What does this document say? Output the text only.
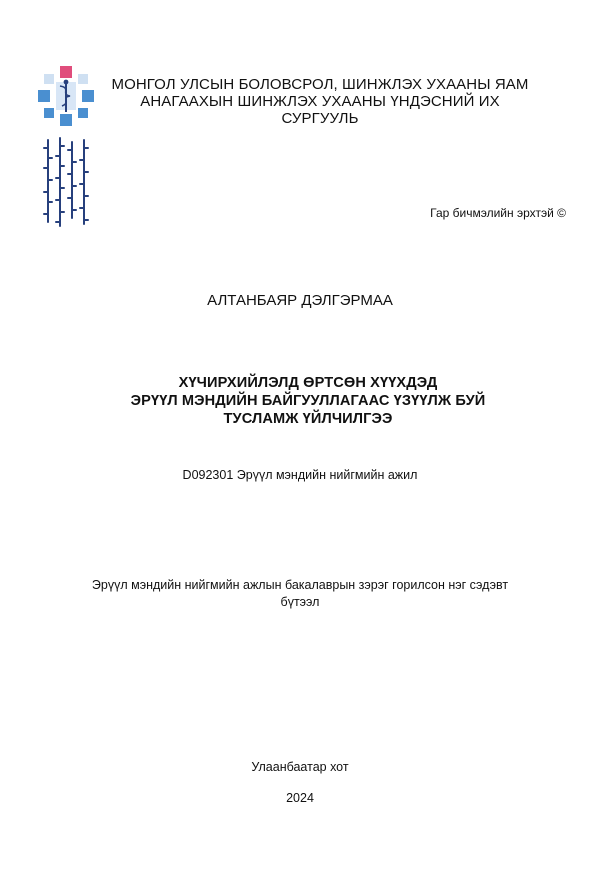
МОНГОЛ УЛСЫН БОЛОВСРОЛ, ШИНЖЛЭХ УХААНЫ ЯАМ
АНАГААХЫН ШИНЖЛЭХ УХААНЫ ҮНДЭСНИЙ ИХ СУРГУУЛЬ
Гар бичмэлийн эрхтэй ©
АЛТАНБАЯР ДЭЛГЭРМАА
ХҮЧИРХИЙЛЭЛД ӨРТСӨН ХҮҮХДЭД
ЭРҮҮЛ МЭНДИЙН БАЙГУУЛЛАГААС ҮЗҮҮЛЖ БУЙ
ТУСЛАМЖ ҮЙЛЧИЛГЭЭ
D092301 Эрүүл мэндийн нийгмийн ажил
Эрүүл мэндийн нийгмийн ажлын бакалаврын зэрэг горилсон нэг сэдэвт
бүтээл
Улаанбаатар хот
2024
